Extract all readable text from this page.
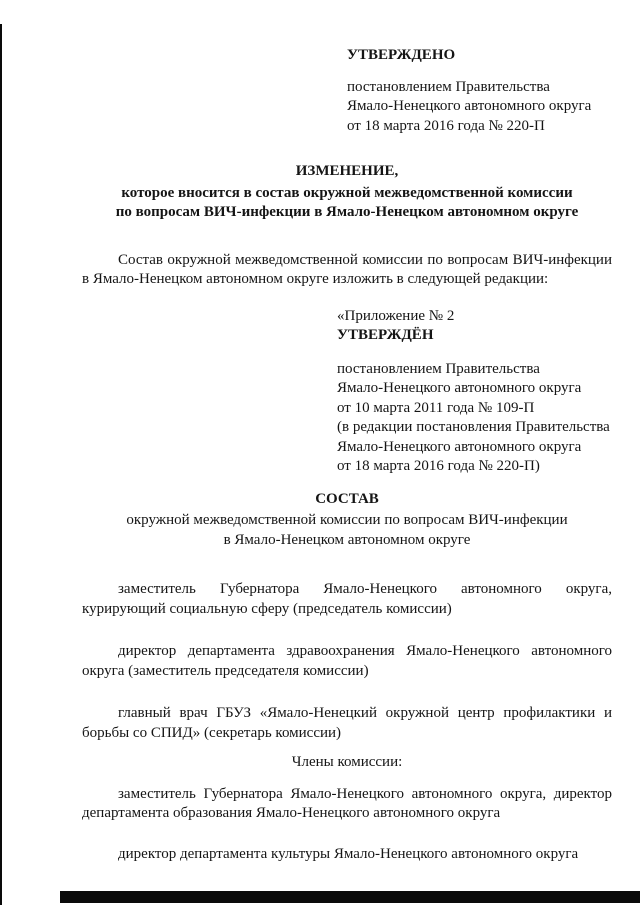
УТВЕРЖДЕНО
постановлением Правительства
Ямало-Ненецкого автономного округа
от 18 марта 2016 года № 220-П
ИЗМЕНЕНИЕ,
которое вносится в состав окружной межведомственной комиссии
по вопросам ВИЧ-инфекции в Ямало-Ненецком автономном округе
Состав окружной межведомственной комиссии по вопросам ВИЧ-инфекции в Ямало-Ненецком автономном округе изложить в следующей редакции:
«Приложение № 2
УТВЕРЖДЁН
постановлением Правительства
Ямало-Ненецкого автономного округа
от 10 марта 2011 года № 109-П
(в редакции постановления Правительства
Ямало-Ненецкого автономного округа
от 18 марта 2016 года № 220-П)
СОСТАВ
окружной межведомственной комиссии по вопросам ВИЧ-инфекции
в Ямало-Ненецком автономном округе
заместитель Губернатора Ямало-Ненецкого автономного округа, курирующий социальную сферу (председатель комиссии)
директор департамента здравоохранения Ямало-Ненецкого автономного округа (заместитель председателя комиссии)
главный врач ГБУЗ «Ямало-Ненецкий окружной центр профилактики и борьбы со СПИД» (секретарь комиссии)
Члены комиссии:
заместитель Губернатора Ямало-Ненецкого автономного округа, директор департамента образования Ямало-Ненецкого автономного округа
директор департамента культуры Ямало-Ненецкого автономного округа
